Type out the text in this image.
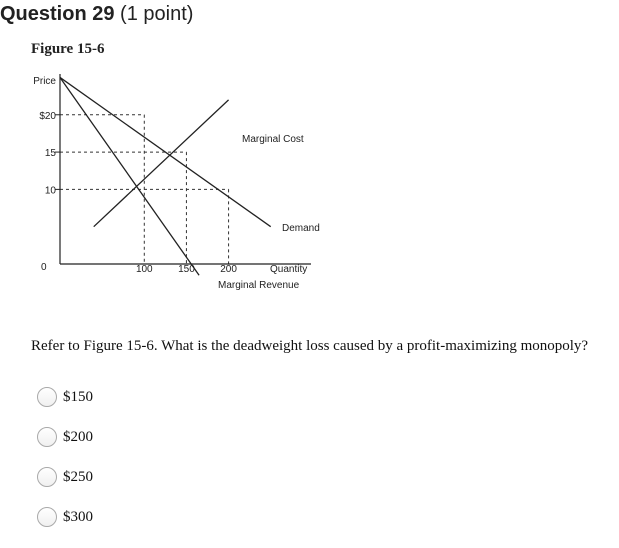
Question 29 (1 point)
Figure 15-6
$20
15
10
100	150	200
Price
0	Quantity
Marginal Cost
Demand
Marginal Revenue
Refer to Figure 15-6. What is the deadweight loss caused by a profit-maximizing monopoly?
$150
$200
$250
$300
